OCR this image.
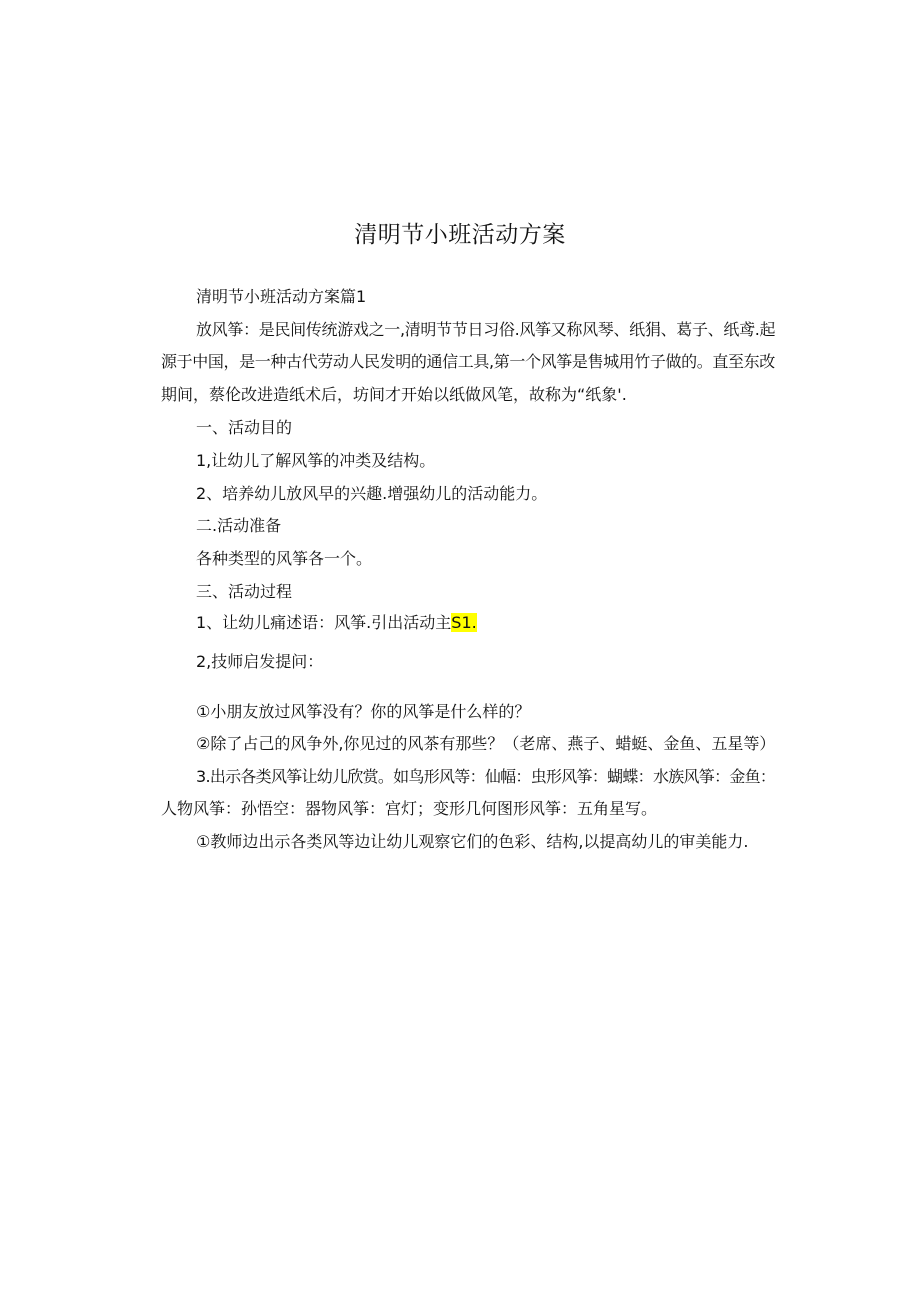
清明节小班活动方案

清明节小班活动方案篇1

放风筝：是民间传统游戏之一,清明节节日习俗.风筝又称风琴、纸狷、葛子、纸鸢.起

源于中国，是一种古代劳动人民发明的通信工具,第一个风筝是售城用竹子做的。直至东改

期间，蔡伦改进造纸术后，坊间才开始以纸做风笔，故称为“纸象'.

一、活动目的

1,让幼儿了解风筝的冲类及结构。

2、培养幼儿放风早的兴趣.增强幼儿的活动能力。

二.活动准备

各种类型的风筝各一个。

三、活动过程

1、让幼儿痛述语：风筝.引出活动主S1.

2,技师启发提问：

①小朋友放过风筝没有？你的风筝是什么样的？

②除了占己的风争外,你见过的风茶有那些？（老席、燕子、蜡蜓、金鱼、五星等）

3.出示各类风筝让幼儿欣赏。如鸟形风等：仙幅：虫形风筝：蝴蝶：水族风筝：金鱼：

人物风筝：孙悟空：器物风筝：宫灯；变形几何图形风筝：五角星写。

①教师边出示各类风等边让幼儿观察它们的色彩、结构,以提高幼儿的审美能力.
